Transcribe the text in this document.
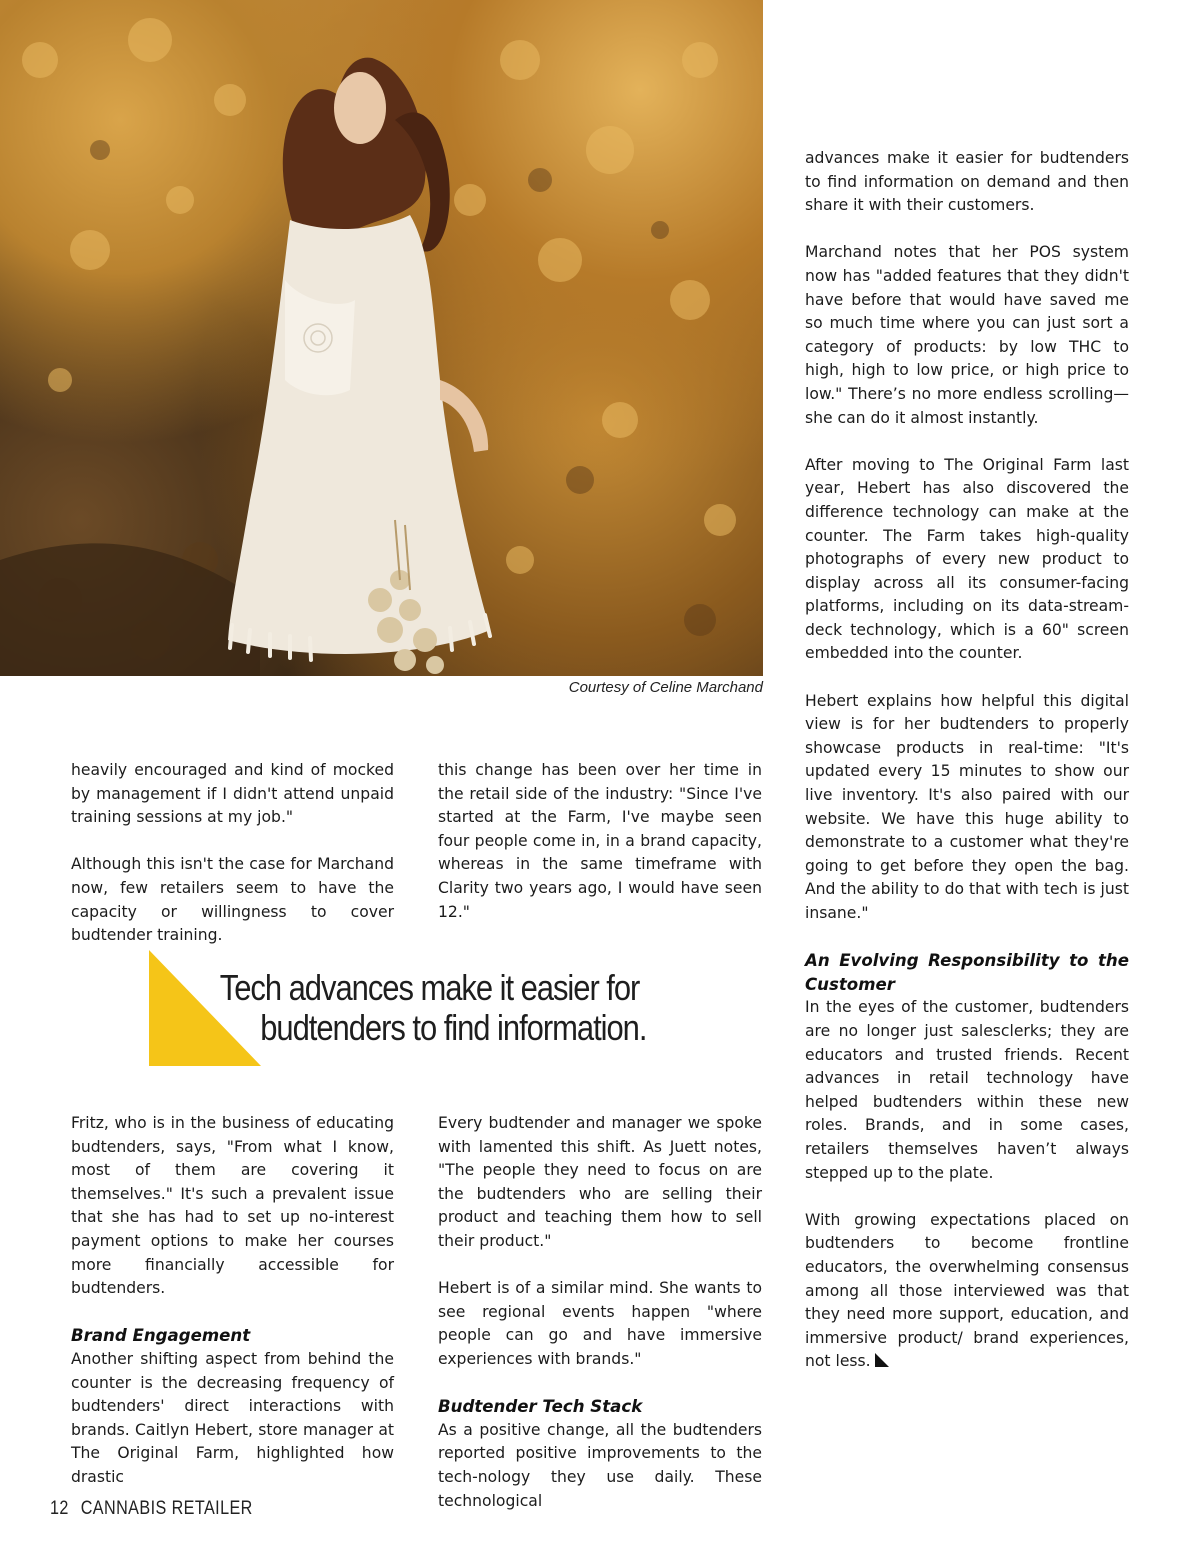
Courtesy of Celine Marchand

heavily encouraged and kind of mocked by management if I didn't attend unpaid training sessions at my job."

Although this isn't the case for Marchand now, few retailers seem to have the capacity or willingness to cover budtender training.

this change has been over her time in the retail side of the industry: "Since I've started at the Farm, I've maybe seen four people come in, in a brand capacity, whereas in the same timeframe with Clarity two years ago, I would have seen 12."

Tech advances make it easier for
budtenders to find information.

Fritz, who is in the business of educating budtenders, says, "From what I know, most of them are covering it themselves." It's such a prevalent issue that she has had to set up no-interest payment options to make her courses more financially accessible for budtenders.

Brand Engagement

Another shifting aspect from behind the counter is the decreasing frequency of budtenders' direct interactions with brands. Caitlyn Hebert, store manager at The Original Farm, highlighted how drastic

Every budtender and manager we spoke with lamented this shift. As Juett notes, "The people they need to focus on are the budtenders who are selling their product and teaching them how to sell their product."

Hebert is of a similar mind. She wants to see regional events happen "where people can go and have immersive experiences with brands."

Budtender Tech Stack

As a positive change, all the budtenders reported positive improvements to the tech-nology they use daily. These technological

advances make it easier for budtenders to find information on demand and then share it with their customers.

Marchand notes that her POS system now has "added features that they didn't have before that would have saved me so much time where you can just sort a category of products: by low THC to high, high to low price, or high price to low." There’s no more endless scrolling—she can do it almost instantly.

After moving to The Original Farm last year, Hebert has also discovered the difference technology can make at the counter. The Farm takes high-quality photographs of every new product to display across all its consumer-facing platforms, including on its data-stream-deck technology, which is a 60" screen embedded into the counter.

Hebert explains how helpful this digital view is for her budtenders to properly showcase products in real-time: "It's updated every 15 minutes to show our live inventory. It's also paired with our website. We have this huge ability to demonstrate to a customer what they're going to get before they open the bag. And the ability to do that with tech is just insane."

An Evolving Responsibility to the Customer

In the eyes of the customer, budtenders are no longer just salesclerks; they are educators and trusted friends. Recent advances in retail technology have helped budtenders within these new roles. Brands, and in some cases, retailers themselves haven’t always stepped up to the plate.

With growing expectations placed on budtenders to become frontline educators, the overwhelming consensus among all those interviewed was that they need more support, education, and immersive product/ brand experiences, not less.

12 CANNABIS RETAILER
